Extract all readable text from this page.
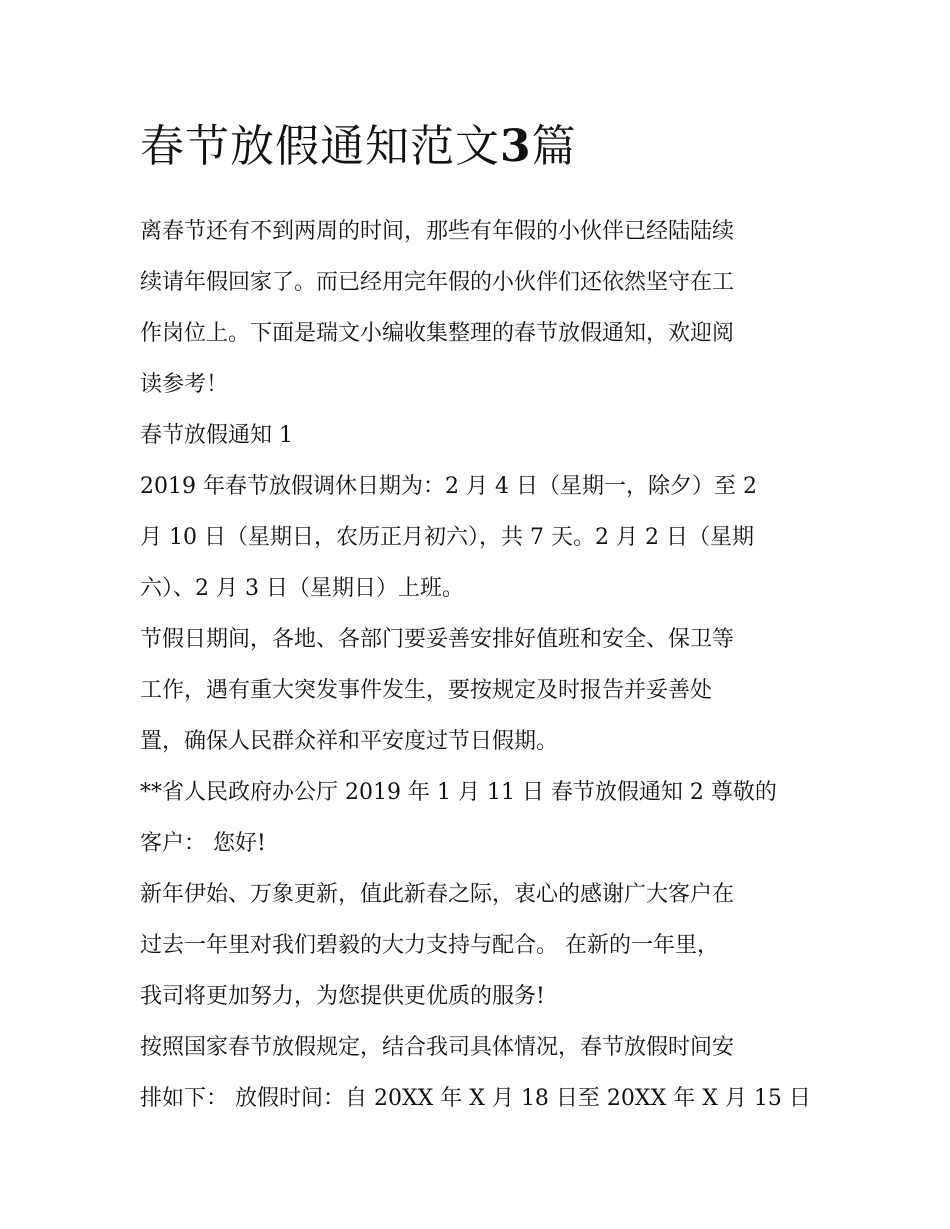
春节放假通知范文3篇

离春节还有不到两周的时间，那些有年假的小伙伴已经陆陆续
续请年假回家了。而已经用完年假的小伙伴们还依然坚守在工
作岗位上。下面是瑞文小编收集整理的春节放假通知，欢迎阅
读参考！

春节放假通知 1

2019 年春节放假调休日期为：2 月 4 日（星期一，除夕）至 2
月 10 日（星期日，农历正月初六），共 7 天。2 月 2 日（星期
六）、2 月 3 日（星期日）上班。

节假日期间，各地、各部门要妥善安排好值班和安全、保卫等
工作，遇有重大突发事件发生，要按规定及时报告并妥善处
置，确保人民群众祥和平安度过节日假期。

**省人民政府办公厅 2019 年 1 月 11 日 春节放假通知 2 尊敬的
客户： 您好!

新年伊始、万象更新，值此新春之际，衷心的感谢广大客户在
过去一年里对我们碧毅的大力支持与配合。 在新的一年里，
我司将更加努力，为您提供更优质的服务!

按照国家春节放假规定，结合我司具体情况，春节放假时间安
排如下： 放假时间：自 20XX 年 X 月 18 日至 20XX 年 X 月 15 日
